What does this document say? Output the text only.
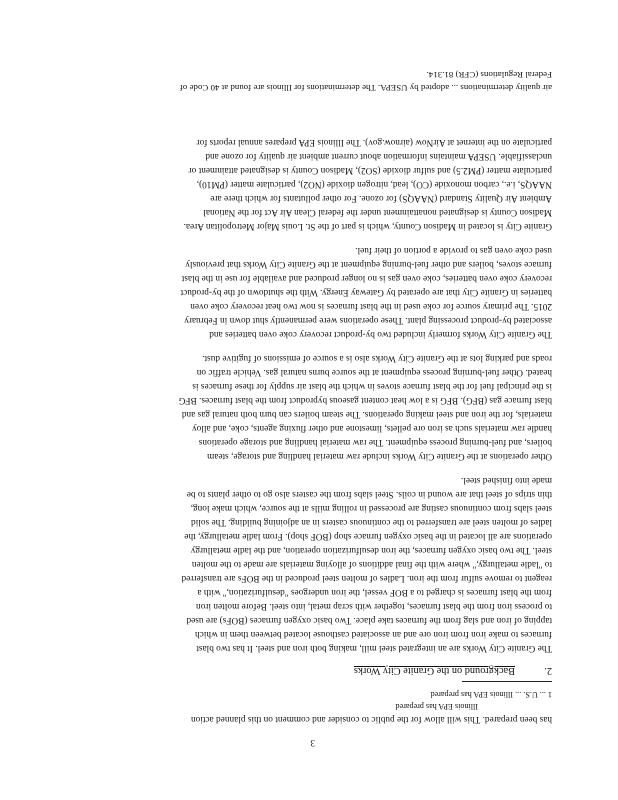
3
has been prepared. This will allow for the public to consider and comment on this planned action
Illinois EPA has prepared
1 ... U.S. ... Illinois EPA has prepared
2.  Background on the Granite City Works
The Granite City Works are an integrated steel mill, making both iron and steel. It has two blast
furnaces to make iron from iron ore and an associated casthouse located between them in which
tapping of iron and slag from the furnaces take place. Two basic oxygen furnaces (BOFs) are used
to process iron from the blast furnaces, together with scrap metal, into steel. Before molten iron
from the blast furnaces is charged to a BOF vessel, the iron undergoes "desulfurization," with a
reagent to remove sulfur from the iron. Ladles of molten steel produced in the BOFs are transferred
to "ladle metallurgy," where with the final additions of alloying materials are made to the molten
steel. The two basic oxygen furnaces, the iron desulfurization operation, and the ladle metallurgy
operations are all located in the basic oxygen furnace shop (BOF shop). From ladle metallurgy, the
ladles of molten steel are transferred to the continuous casters in an adjoining building. The solid
steel slabs from continuous casting are processed in rolling mills at the source, which make long,
thin strips of steel that are wound in coils. Steel slabs from the casters also go to other plants to be
made into finished steel.
Other operations at the Granite City Works include raw material handling and storage, steam
boilers, and fuel-burning process equipment. The raw material handling and storage operations
handle raw materials such as iron ore pellets, limestone and other fluxing agents, coke, and alloy
materials, for the iron and steel making operations. The steam boilers can burn both natural gas and
blast furnace gas (BFG). BFG is a low heat content gaseous byproduct from the blast furnaces. BFG
is the principal fuel for the blast furnace stoves in which the blast air supply for these furnaces is
heated. Other fuel-burning process equipment at the source burns natural gas. Vehicle traffic on
roads and parking lots at the Granite City Works also is a source of emissions of fugitive dust.
The Granite City Works formerly included two by-product recovery coke oven batteries and
associated by-product processing plant. These operations were permanently shut down in February
2015. The primary source for coke used in the blast furnaces is now two heat recovery coke oven
batteries in Granite City that are operated by Gateway Energy. With the shutdown of the by-product
recovery coke oven batteries, coke oven gas is no longer produced and available for use in the blast
furnace stoves, boilers and other fuel-burning equipment at the Granite City Works that previously
used coke oven gas to provide a portion of their fuel.
Granite City is located in Madison County, which is part of the St. Louis Major Metropolitan Area.
Madison County is designated nonattainment under the federal Clean Air Act for the National
Ambient Air Quality Standard (NAAQS) for ozone. For other pollutants for which there are
NAAQS, i.e., carbon monoxide (CO), lead, nitrogen dioxide (NO2), particulate matter (PM10),
particulate matter (PM2.5) and sulfur dioxide (SO2), Madison County is designated attainment or
unclassifiable. USEPA maintains information about current ambient air quality for ozone and
particulate on the internet at AirNow (airnow.gov). The Illinois EPA prepares annual reports for
air quality determinations ... adopted by USEPA. The determinations for Illinois are found at 40 Code of
Federal Regulations (CFR) 81.314.
